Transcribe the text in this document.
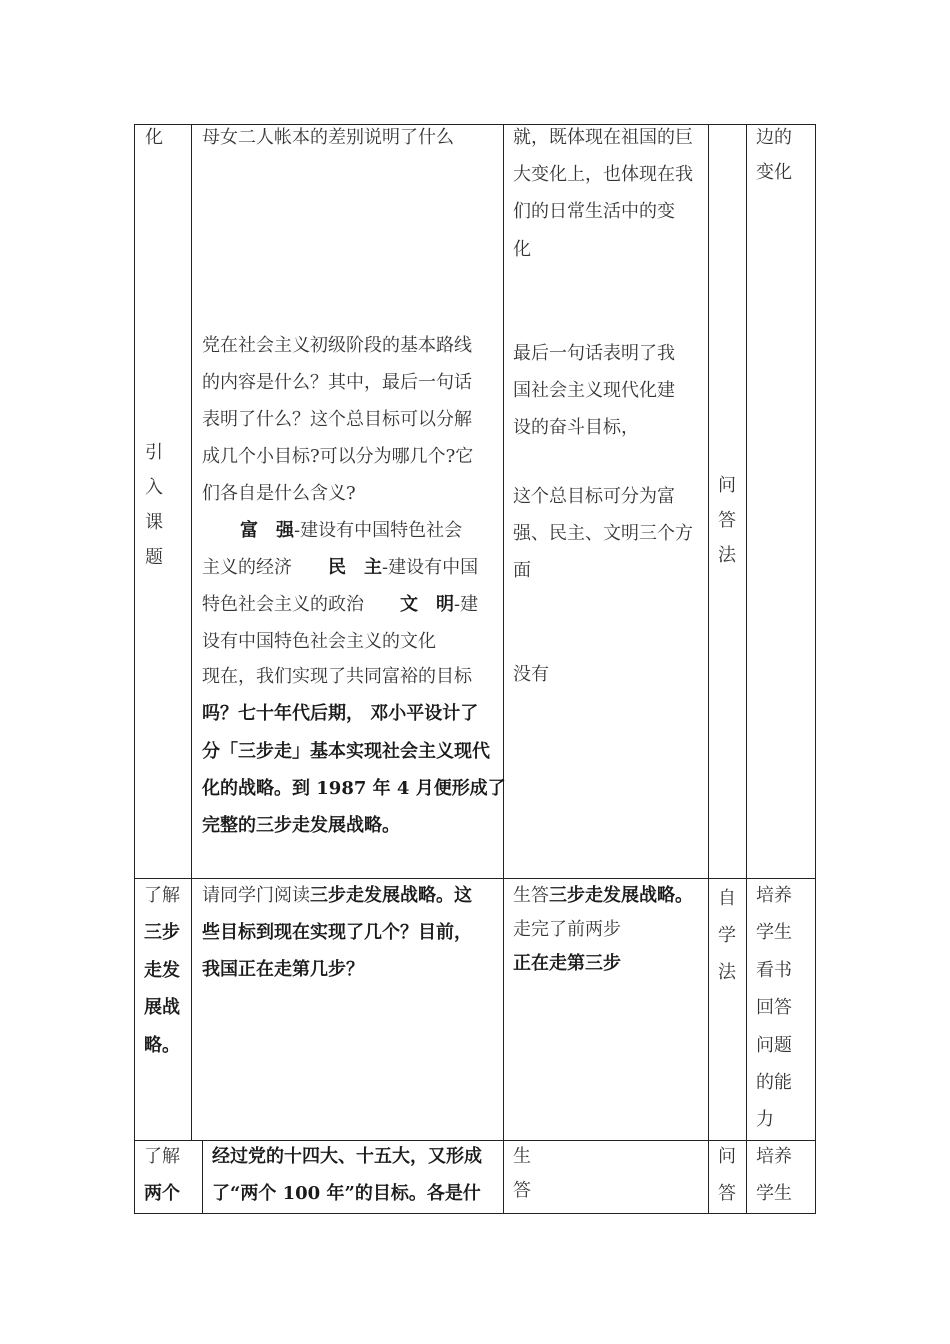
化 母女二人帐本的差别说明了什么	就，既体现在祖国的巨
大变化上，也体现在我
们的日常生活中的变
化
边的
变化
引
入
课
题
党在社会主义初级阶段的基本路线
的内容是什么？其中，最后一句话
表明了什么？这个总目标可以分解
成几个小目标?可以分为哪几个?它
们各自是什么含义?
富　强-建设有中国特色社会
主义的经济　　民　主-建设有中国
特色社会主义的政治　　文　明-建
设有中国特色社会主义的文化
现在，我们实现了共同富裕的目标
吗？七十年代后期， 邓小平设计了
分「三步走」基本实现社会主义现代
化的战略。到 1987 年 4 月便形成了
完整的三步走发展战略。
最后一句话表明了我
国社会主义现代化建
设的奋斗目标，
这个总目标可分为富
强、民主、文明三个方
面
没有
问
答
法
了解
三步
走发
展战
略。
请同学门阅读三步走发展战略。这
些目标到现在实现了几个？目前，
我国正在走第几步？
生答三步走发展战略。
走完了前两步
正在走第三步
自
学
法
培养
学生
看书
回答
问题
的能
力
了解
两个
经过党的十四大、十五大，又形成
了“两个 100 年”的目标。各是什
生
答
问
答
培养
学生
